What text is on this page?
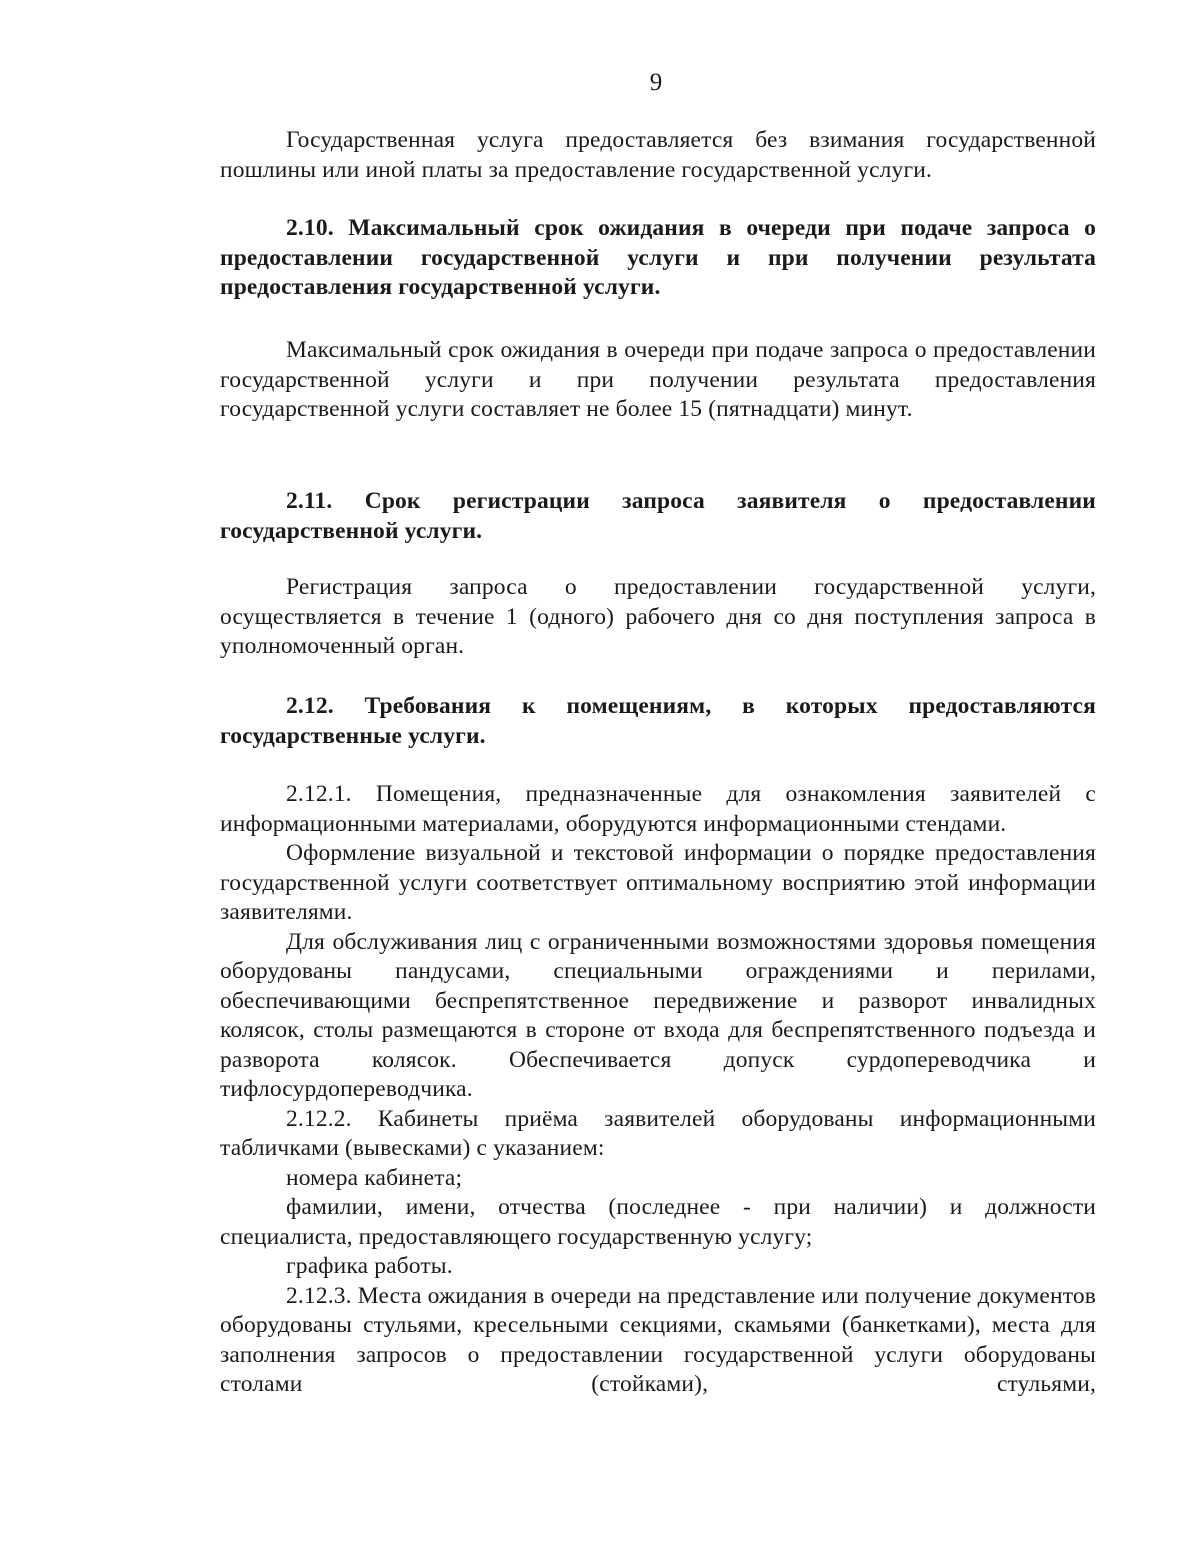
9

Государственная услуга предоставляется без взимания государственной пошлины или иной платы за предоставление государственной услуги.

2.10. Максимальный срок ожидания в очереди при подаче запроса о предоставлении государственной услуги и при получении результата предоставления государственной услуги.

Максимальный срок ожидания в очереди при подаче запроса о предоставлении государственной услуги и при получении результата предоставления государственной услуги составляет не более 15 (пятнадцати) минут.

2.11. Срок регистрации запроса заявителя о предоставлении государственной услуги.

Регистрация запроса о предоставлении государственной услуги, осуществляется в течение 1 (одного) рабочего дня со дня поступления запроса в уполномоченный орган.

2.12. Требования к помещениям, в которых предоставляются государственные услуги.

2.12.1. Помещения, предназначенные для ознакомления заявителей с информационными материалами, оборудуются информационными стендами.

Оформление визуальной и текстовой информации о порядке предоставления государственной услуги соответствует оптимальному восприятию этой информации заявителями.

Для обслуживания лиц с ограниченными возможностями здоровья помещения оборудованы пандусами, специальными ограждениями и перилами, обеспечивающими беспрепятственное передвижение и разворот инвалидных колясок, столы размещаются в стороне от входа для беспрепятственного подъезда и разворота колясок. Обеспечивается допуск сурдопереводчика и тифлосурдопереводчика.

2.12.2. Кабинеты приёма заявителей оборудованы информационными табличками (вывесками) с указанием:

номера кабинета;

фамилии, имени, отчества (последнее - при наличии) и должности специалиста, предоставляющего государственную услугу;

графика работы.

2.12.3. Места ожидания в очереди на представление или получение документов оборудованы стульями, кресельными секциями, скамьями (банкетками), места для заполнения запросов о предоставлении государственной услуги оборудованы столами (стойками), стульями,
